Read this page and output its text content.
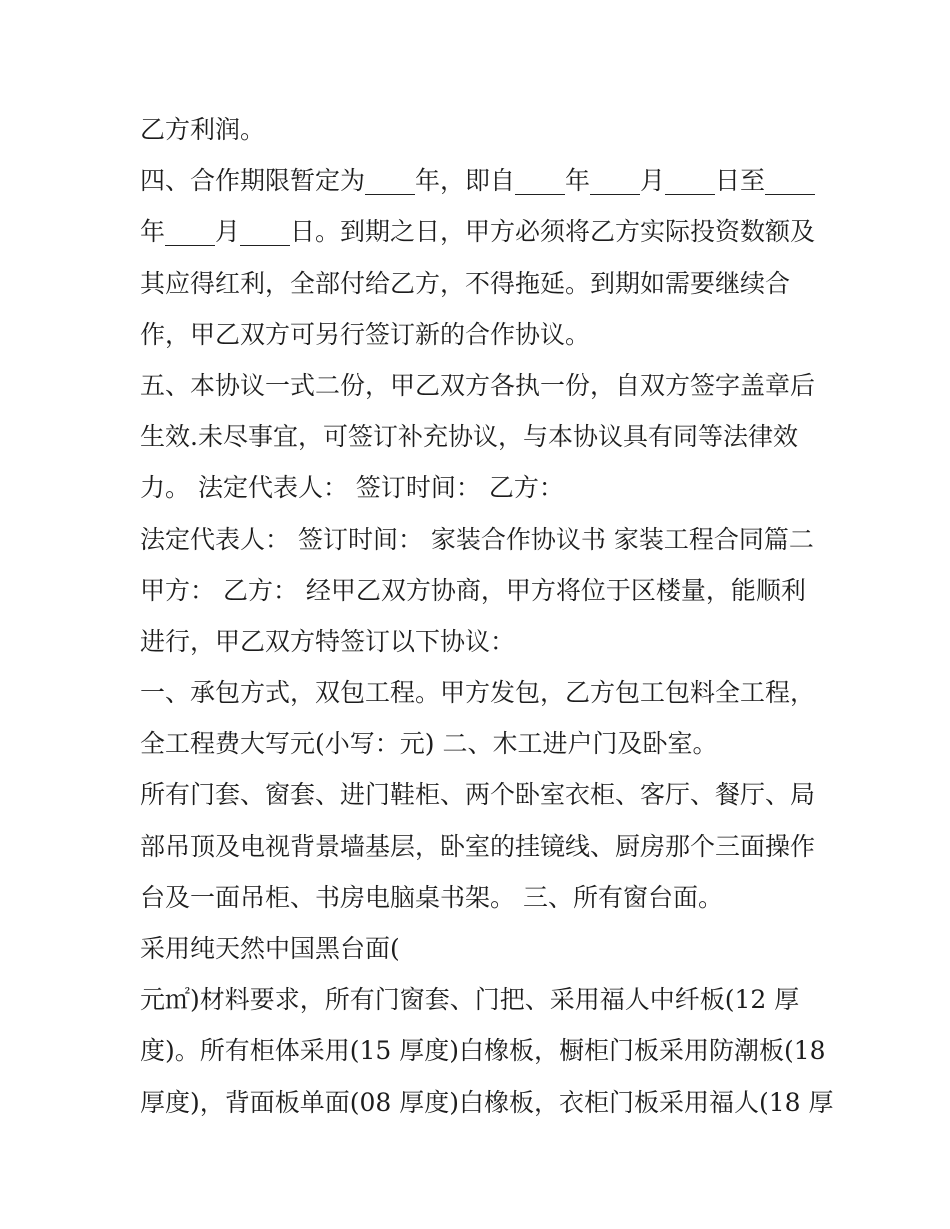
乙方利润。
四、合作期限暂定为____年，即自____年____月____日至____
年____月____日。到期之日，甲方必须将乙方实际投资数额及
其应得红利，全部付给乙方，不得拖延。到期如需要继续合
作，甲乙双方可另行签订新的合作协议。
五、本协议一式二份，甲乙双方各执一份，自双方签字盖章后
生效.未尽事宜，可签订补充协议，与本协议具有同等法律效
力。 法定代表人： 签订时间： 乙方：
法定代表人： 签订时间： 家装合作协议书 家装工程合同篇二
甲方： 乙方： 经甲乙双方协商，甲方将位于区楼量，能顺利
进行，甲乙双方特签订以下协议：
一、承包方式，双包工程。甲方发包，乙方包工包料全工程，
全工程费大写元(小写：元) 二、木工进户门及卧室。
所有门套、窗套、进门鞋柜、两个卧室衣柜、客厅、餐厅、局
部吊顶及电视背景墙基层，卧室的挂镜线、厨房那个三面操作
台及一面吊柜、书房电脑桌书架。 三、所有窗台面。
采用纯天然中国黑台面(
元㎡)材料要求，所有门窗套、门把、采用福人中纤板(12 厚
度)。所有柜体采用(15 厚度)白橡板，橱柜门板采用防潮板(18
厚度)，背面板单面(08 厚度)白橡板，衣柜门板采用福人(18 厚
